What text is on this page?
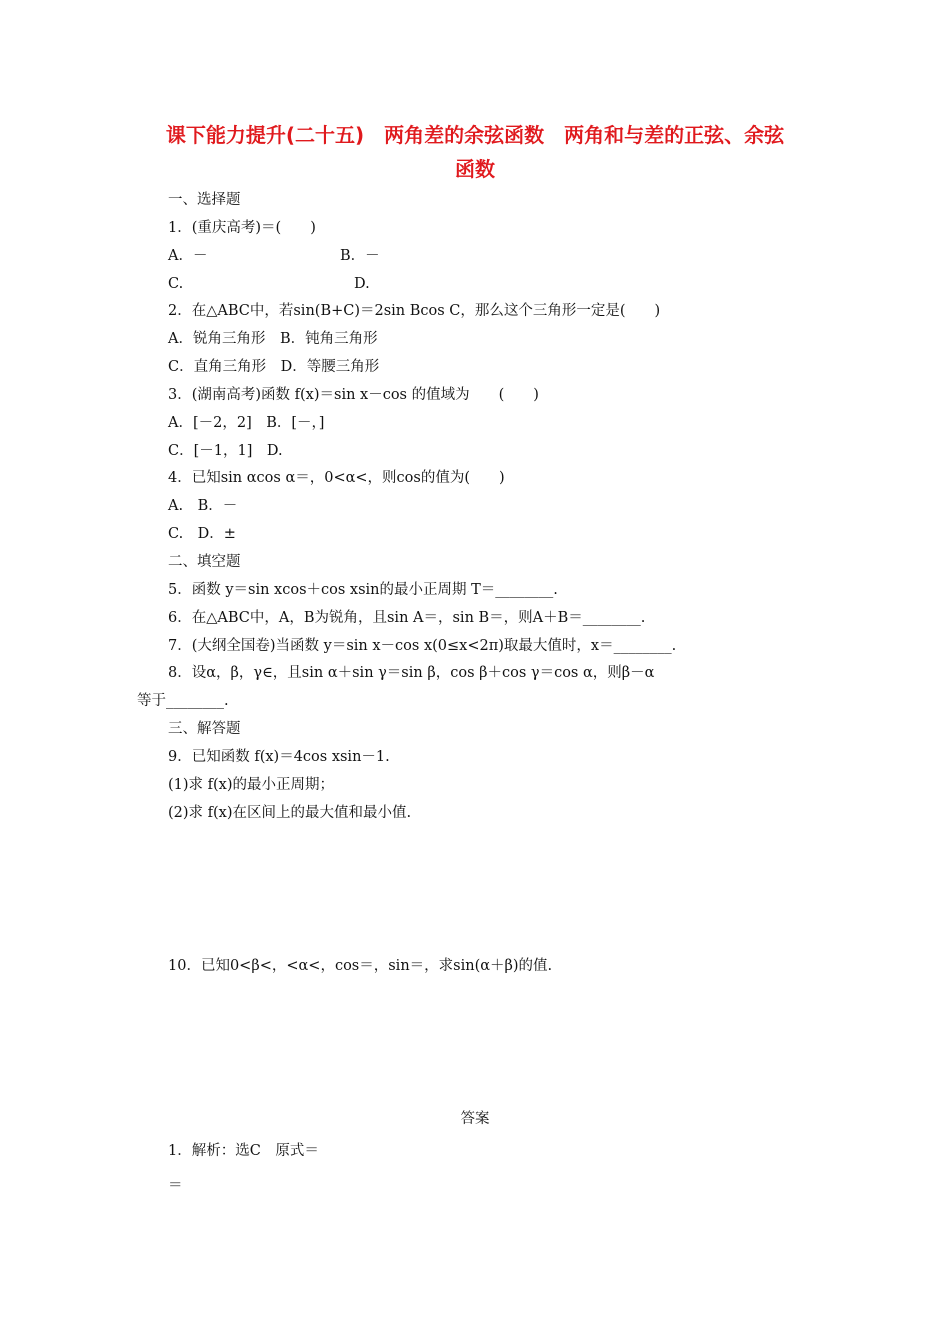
课下能力提升(二十五)　两角差的余弦函数　两角和与差的正弦、余弦
函数
一、选择题
1．(重庆高考)＝(　　)
A．－	B．－
C.	D.
2．在△ABC中，若sin(B+C)＝2sin Bcos C，那么这个三角形一定是(　　)
A．锐角三角形　B．钝角三角形
C．直角三角形　D．等腰三角形
3．(湖南高考)函数 f(x)＝sin x－cos 的值域为　　(　　)
A．[－2，2]　B．[－，]
C．[－1，1]　D.
4．已知sin αcos α＝，0<α<，则cos的值为(　　)
A.　B．－
C.　D．±
二、填空题
5．函数 y＝sin xcos＋cos xsin的最小正周期 T＝________.
6．在△ABC中，A，B为锐角，且sin A＝，sin B＝，则A＋B＝________.
7．(大纲全国卷)当函数 y＝sin x－cos x(0≤x<2π)取最大值时，x＝________.
8．设α，β，γ∈，且sin α＋sin γ＝sin β，cos β＋cos γ＝cos α，则β－α
等于________.
三、解答题
9．已知函数 f(x)＝4cos xsin－1.
(1)求 f(x)的最小正周期；
(2)求 f(x)在区间上的最大值和最小值.
10．已知0<β<，<α<，cos＝，sin＝，求sin(α＋β)的值.
答案
1．解析：选C　原式＝
＝
